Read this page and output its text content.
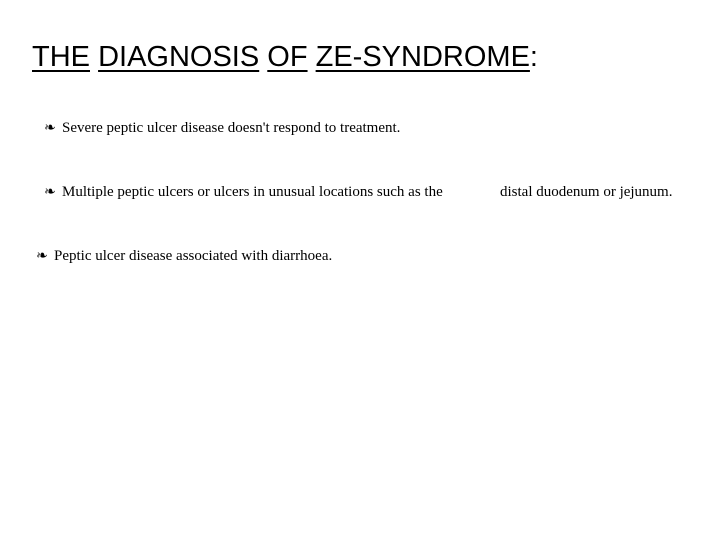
THE DIAGNOSIS OF ZE-SYNDROME:
❧ Severe peptic ulcer disease doesn't respond to treatment.
❧ Multiple peptic ulcers or ulcers in unusual locations such as the	distal duodenum or jejunum.
❧ Peptic ulcer disease associated with diarrhoea.
